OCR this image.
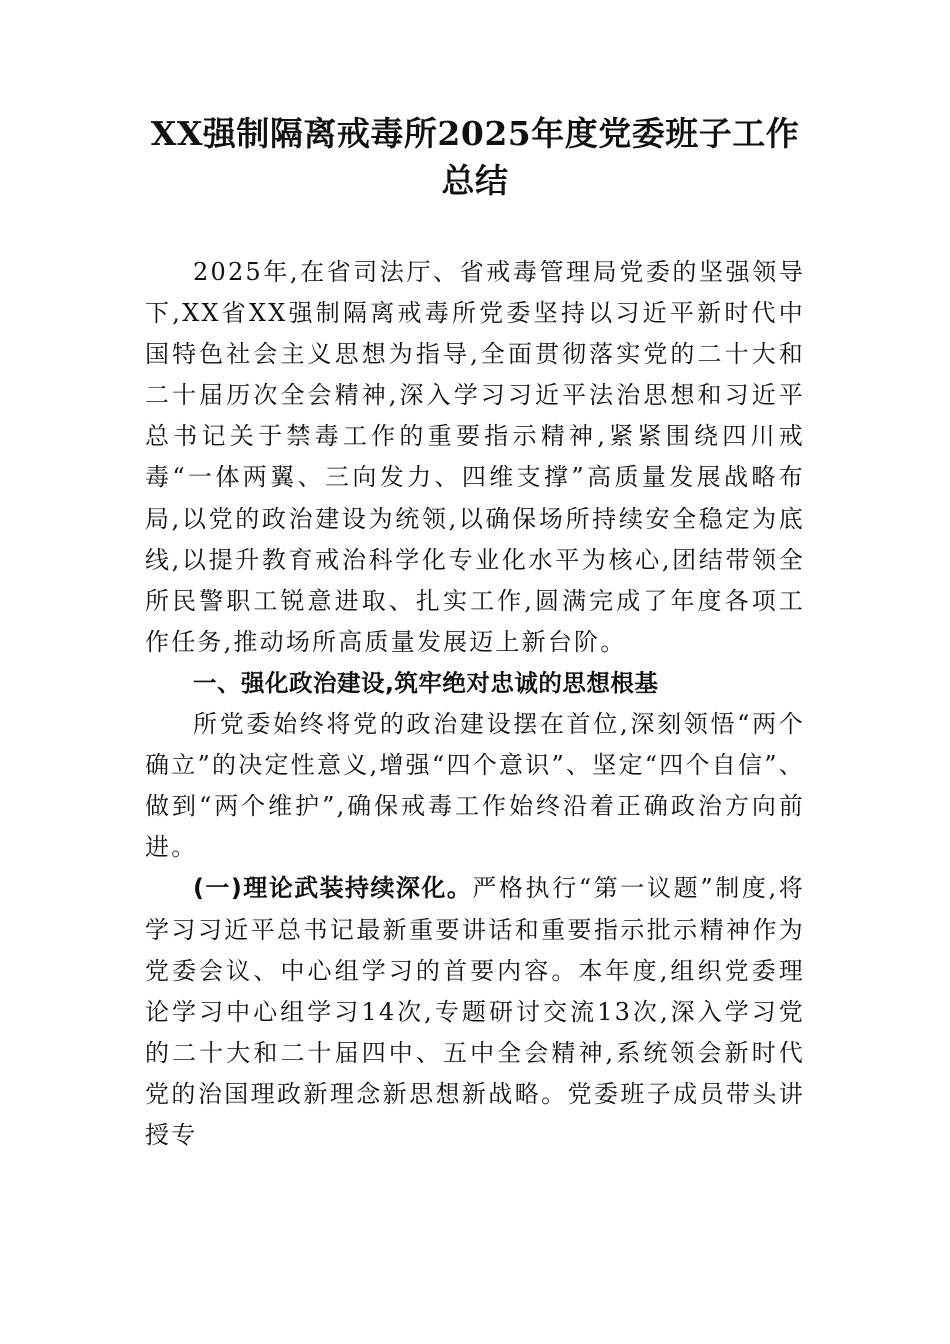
XX强制隔离戒毒所2025年度党委班子工作总结

2025年,在省司法厅、省戒毒管理局党委的坚强领导下,XX省XX强制隔离戒毒所党委坚持以习近平新时代中国特色社会主义思想为指导,全面贯彻落实党的二十大和二十届历次全会精神,深入学习习近平法治思想和习近平总书记关于禁毒工作的重要指示精神,紧紧围绕四川戒毒“一体两翼、三向发力、四维支撑”高质量发展战略布局,以党的政治建设为统领,以确保场所持续安全稳定为底线,以提升教育戒治科学化专业化水平为核心,团结带领全所民警职工锐意进取、扎实工作,圆满完成了年度各项工作任务,推动场所高质量发展迈上新台阶。

一、强化政治建设,筑牢绝对忠诚的思想根基

所党委始终将党的政治建设摆在首位,深刻领悟“两个确立”的决定性意义,增强“四个意识”、坚定“四个自信”、做到“两个维护”,确保戒毒工作始终沿着正确政治方向前进。

(一)理论武装持续深化。严格执行“第一议题”制度,将学习习近平总书记最新重要讲话和重要指示批示精神作为党委会议、中心组学习的首要内容。本年度,组织党委理论学习中心组学习14次,专题研讨交流13次,深入学习党的二十大和二十届四中、五中全会精神,系统领会新时代党的治国理政新理念新思想新战略。党委班子成员带头讲授专
